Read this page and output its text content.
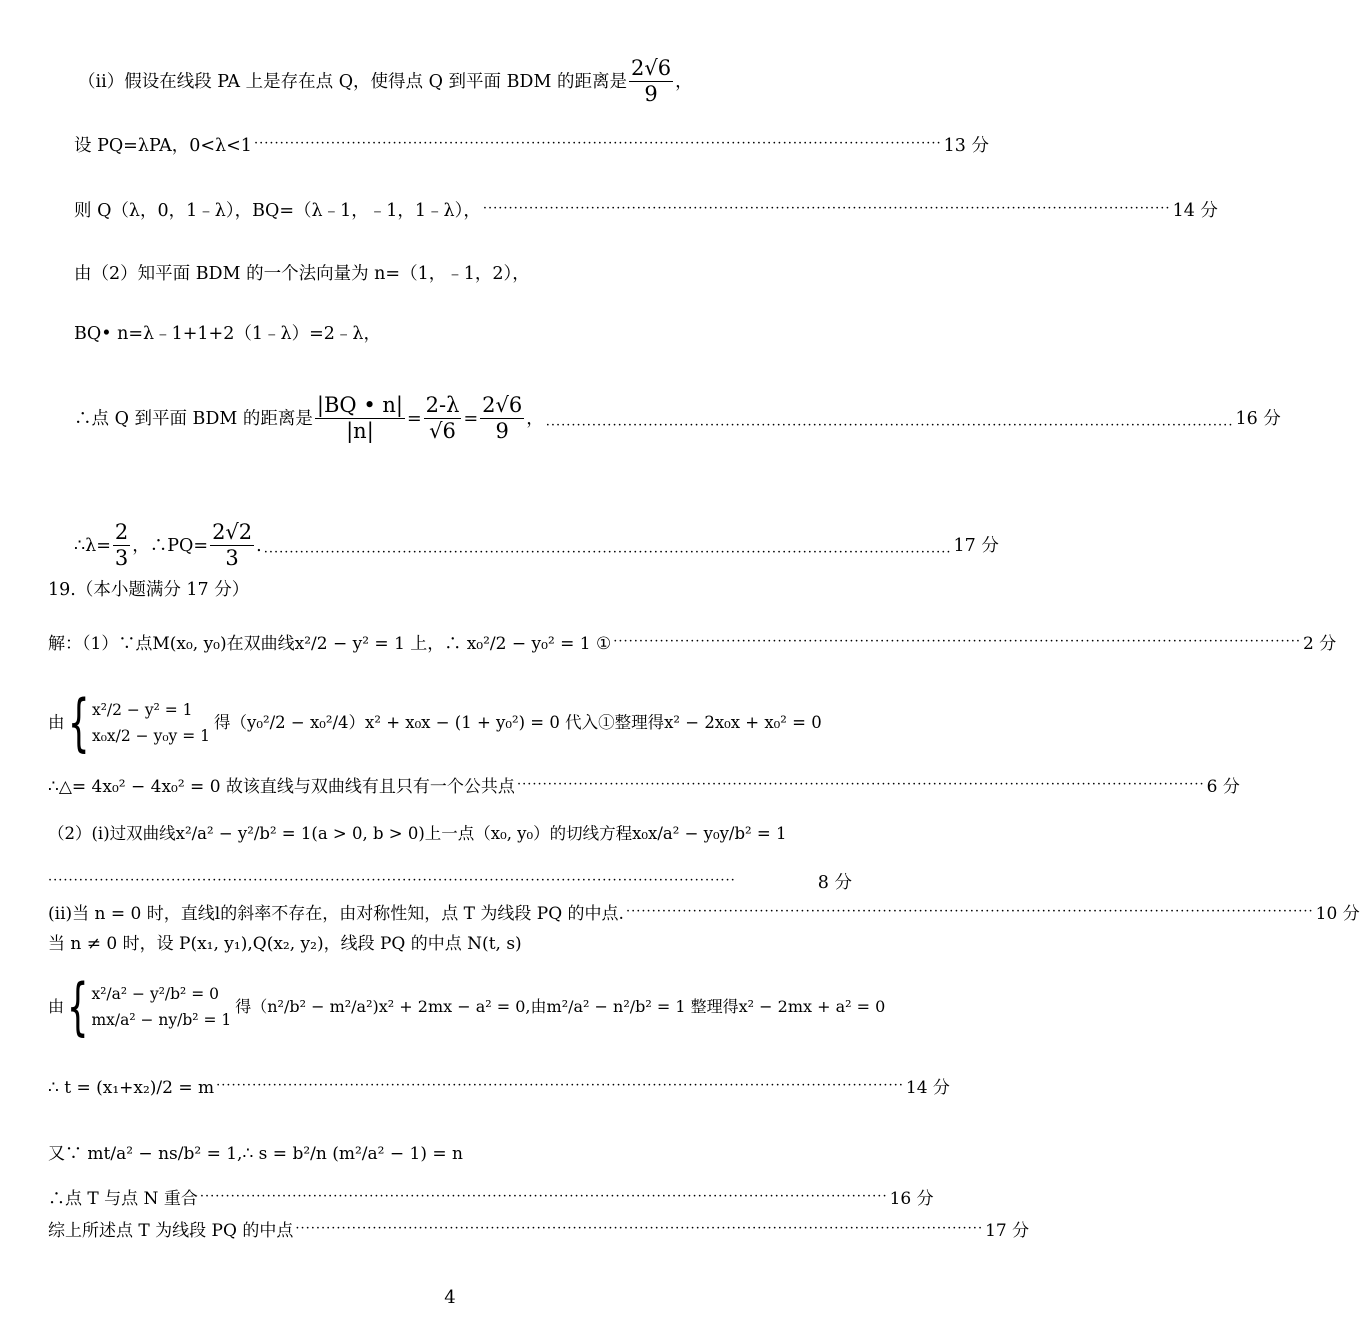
（ii）假设在线段 PA 上是存在点 Q，使得点 Q 到平面 BDM 的距离是 $\frac{2√6}{9}$ ，
设 PQ=λPA，0<λ<1 ······································································································································ 13 分
则 Q（λ，0，1﹣λ），BQ=（λ﹣1，﹣1，1﹣λ）， ······································································································································ 14 分
由（2）知平面 BDM 的一个法向量为 n=（1，﹣1，2），
BQ• n=λ﹣1+1+2（1﹣λ）=2﹣λ，
∴点 Q 到平面 BDM 的距离是 $\frac{|BQ • n|}{|n|} = \frac{2-\lambda}{√6} = \frac{2√6}{9}$ ， ······································································································································ 16 分
∴λ= $\frac{2}{3}$ ，∴PQ= $\frac{2√2}{3}$ . ······································································································································ 17 分
19.（本小题满分 17 分）
解：（1）∵点M(x₀, y₀)在双曲线x²/2 − y² = 1 上，∴ x₀²/2 − y₀² = 1 ① ······································································································································ 2 分
由 { x²/2 − y² = 1
x₀x/2 − y₀y = 1
得（y₀²/2 − x₀²/4）x² + x₀x − (1 + y₀²) = 0 代入①整理得x² − 2x₀x + x₀² = 0
∴△= 4x₀² − 4x₀² = 0 故该直线与双曲线有且只有一个公共点 ······································································································································ 6 分
（2）(i)过双曲线x²/a² − y²/b² = 1(a > 0, b > 0)上一点（x₀, y₀）的切线方程x₀x/a² − y₀y/b² = 1
······································································································································	8 分
(ii)当 n = 0 时，直线l的斜率不存在，由对称性知，点 T 为线段 PQ 的中点. ······································································································································ 10 分
当 n ≠ 0 时，设 P(x₁, y₁),Q(x₂, y₂)，线段 PQ 的中点 N(t, s)
由 { x²/a² − y²/b² = 0
mx/a² − ny/b² = 1
得（n²/b² − m²/a²)x² + 2mx − a² = 0,由m²/a² − n²/b² = 1 整理得x² − 2mx + a² = 0
∴ t = (x₁+x₂)/2 = m ······································································································································ 14 分
又∵ mt/a² − ns/b² = 1,∴ s = b²/n (m²/a² − 1) = n
∴点 T 与点 N 重合 ······································································································································ 16 分
综上所述点 T 为线段 PQ 的中点 ······································································································································ 17 分
4
